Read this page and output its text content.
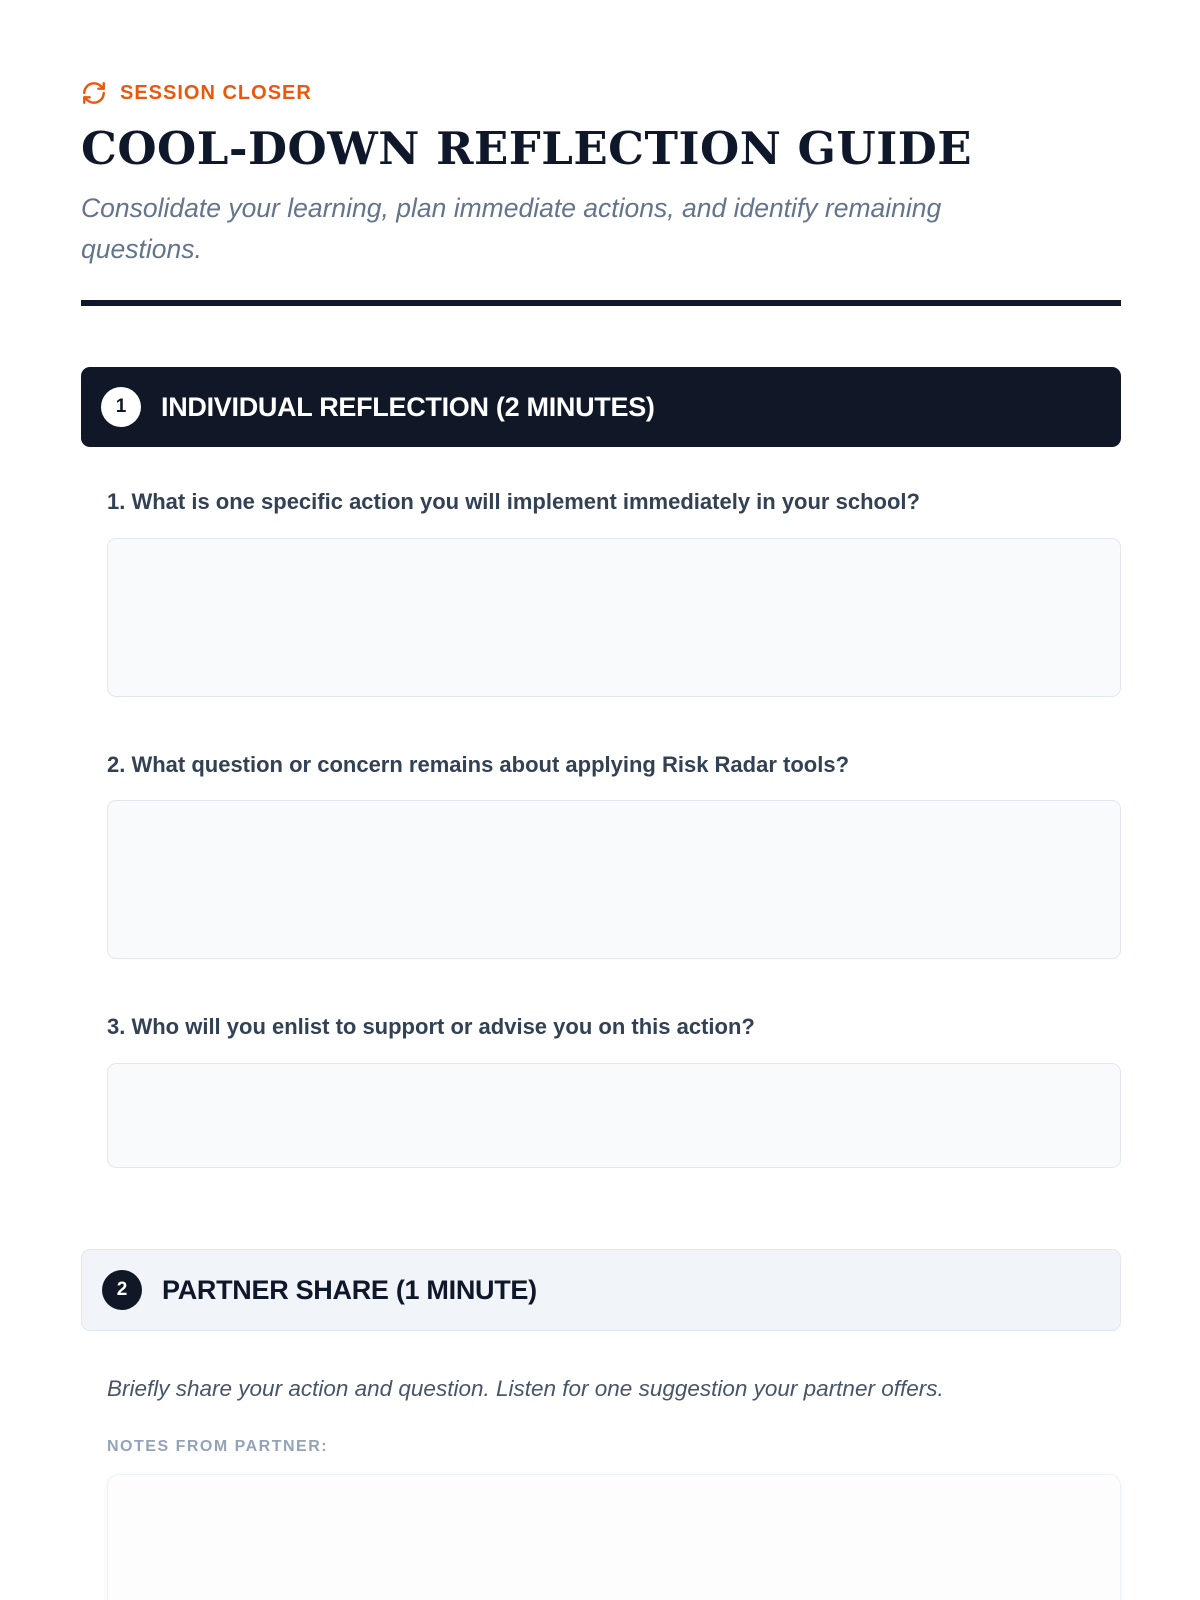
SESSION CLOSER
COOL-DOWN REFLECTION GUIDE

Consolidate your learning, plan immediate actions, and identify remaining questions.

1	INDIVIDUAL REFLECTION (2 MINUTES)
1. What is one specific action you will implement immediately in your school?
2. What question or concern remains about applying Risk Radar tools?
3. Who will you enlist to support or advise you on this action?
2	PARTNER SHARE (1 MINUTE)

Briefly share your action and question. Listen for one suggestion your partner offers.

NOTES FROM PARTNER:
